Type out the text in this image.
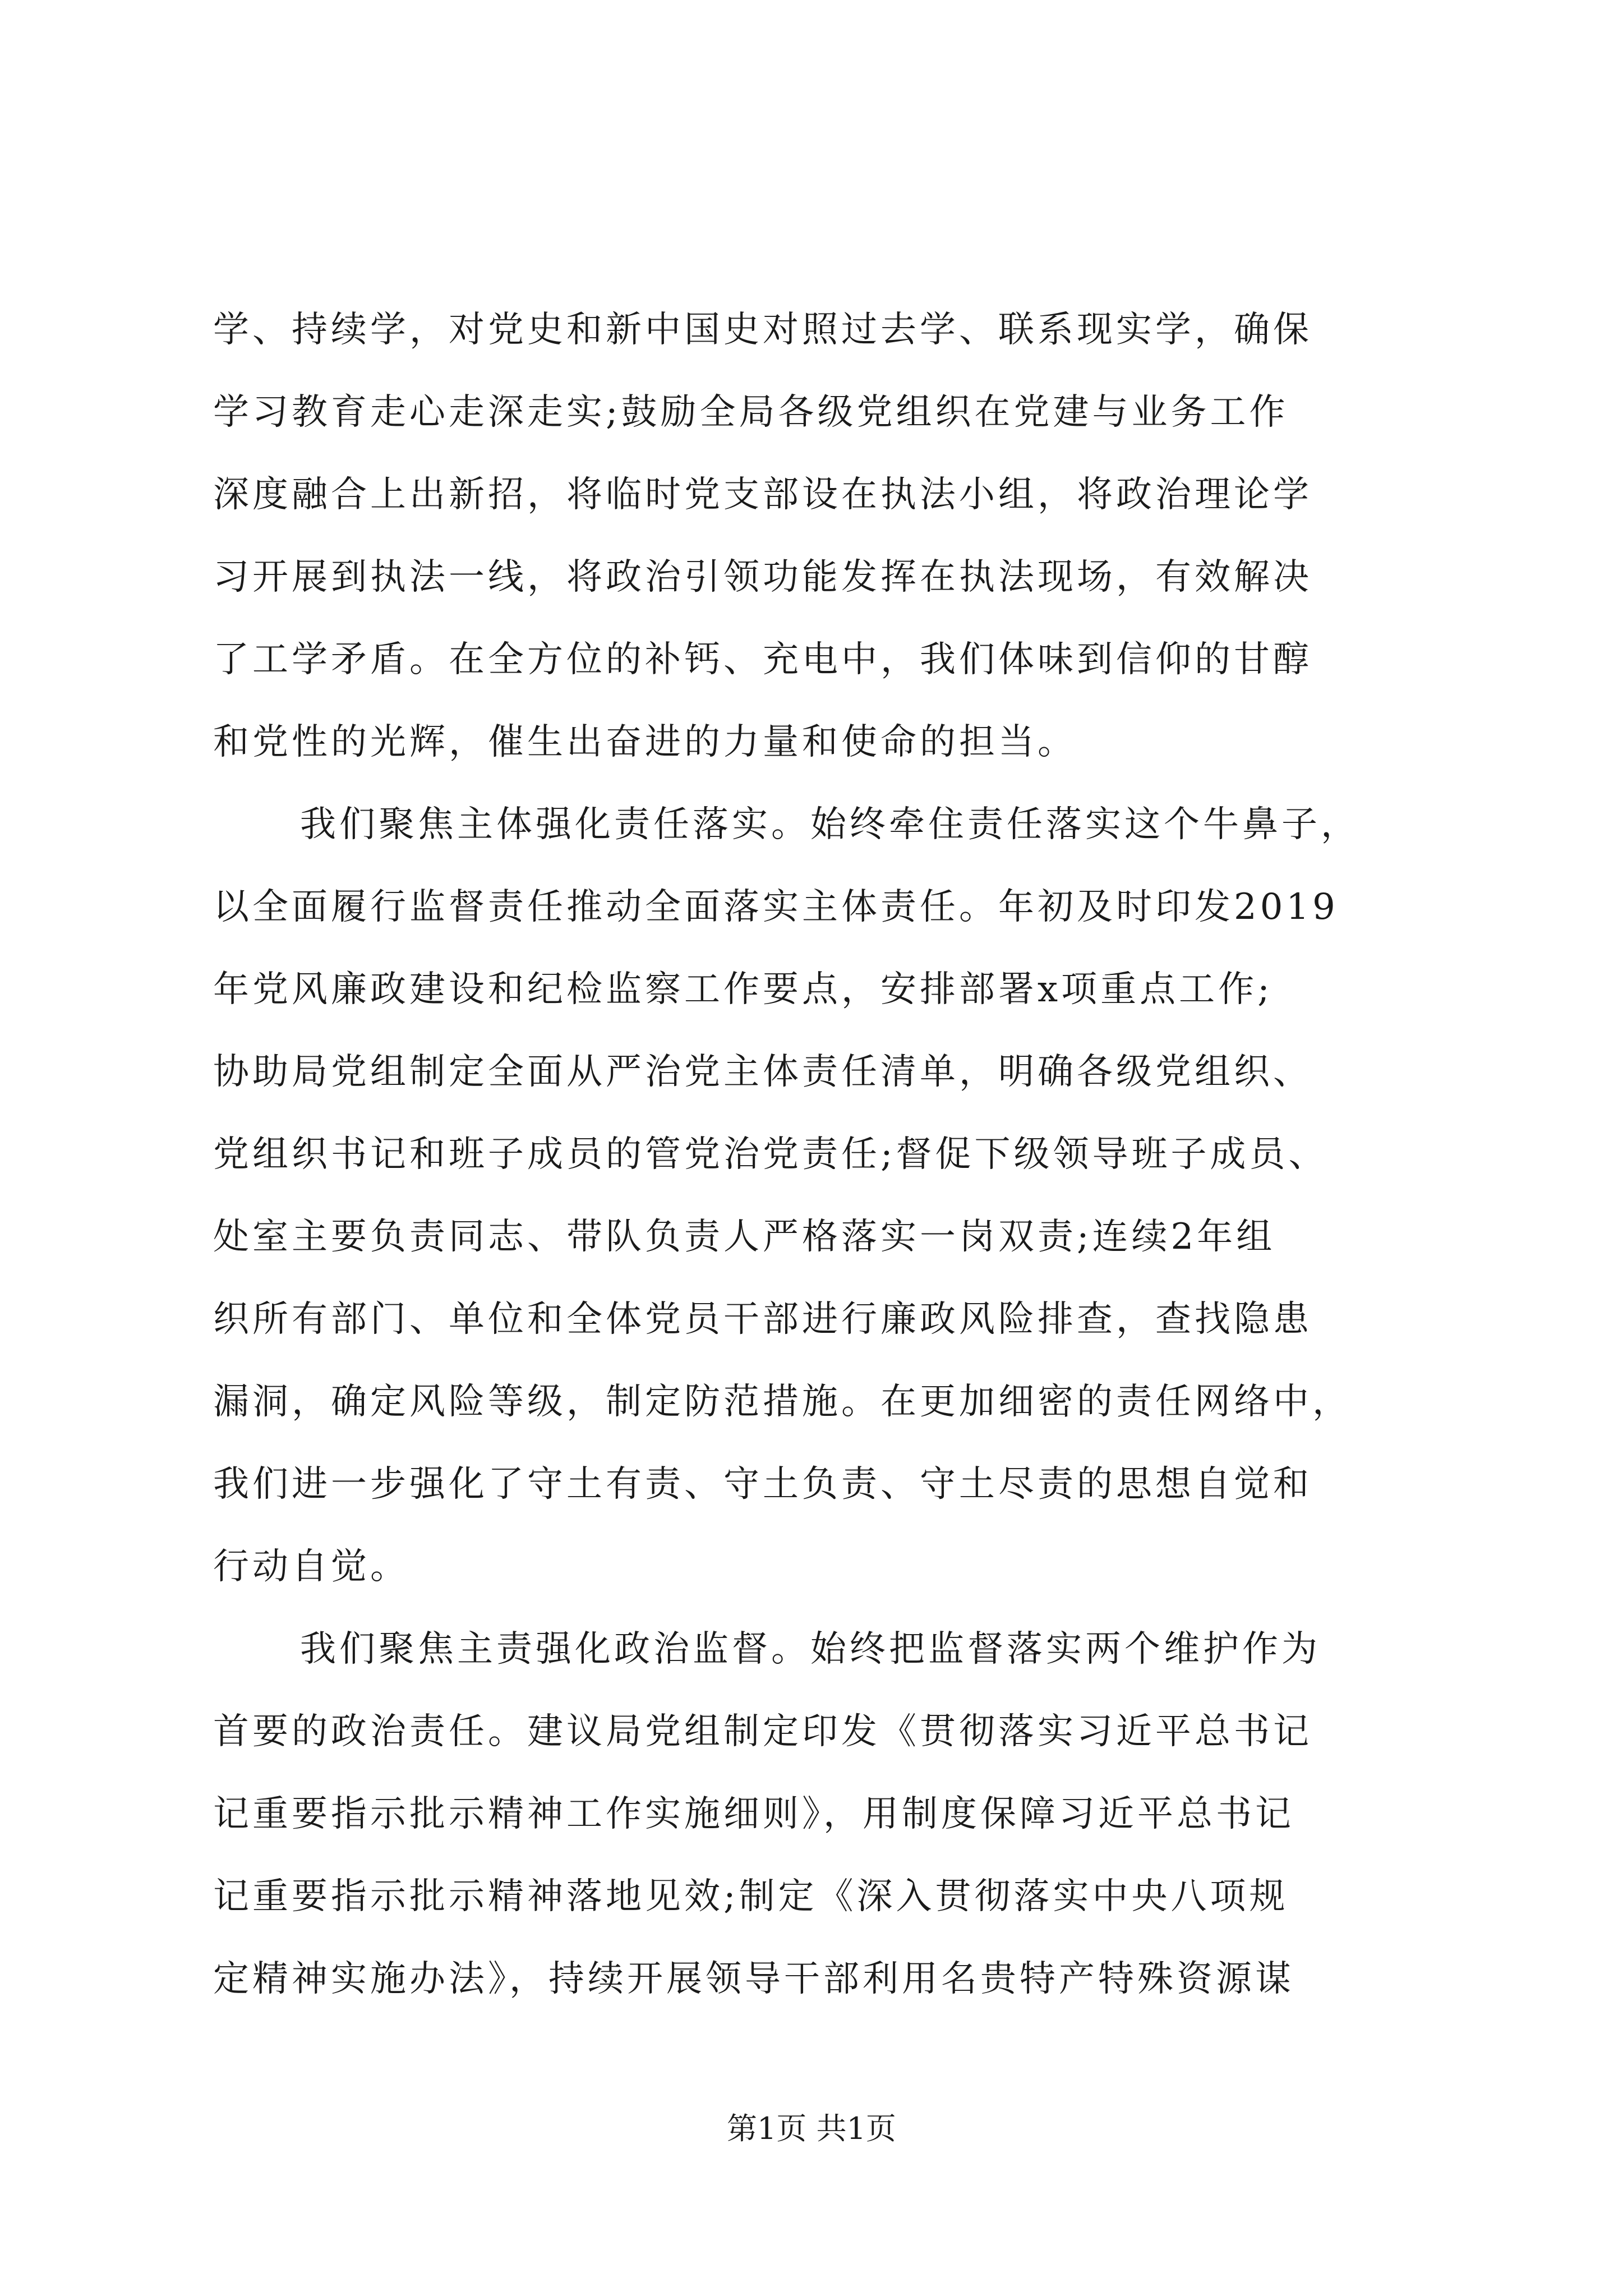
学、持续学，对党史和新中国史对照过去学、联系现实学，确保
学习教育走心走深走实;鼓励全局各级党组织在党建与业务工作
深度融合上出新招，将临时党支部设在执法小组，将政治理论学
习开展到执法一线，将政治引领功能发挥在执法现场，有效解决
了工学矛盾。在全方位的补钙、充电中，我们体味到信仰的甘醇
和党性的光辉，催生出奋进的力量和使命的担当。
我们聚焦主体强化责任落实。始终牵住责任落实这个牛鼻子，
以全面履行监督责任推动全面落实主体责任。年初及时印发2019
年党风廉政建设和纪检监察工作要点，安排部署x项重点工作;
协助局党组制定全面从严治党主体责任清单，明确各级党组织、
党组织书记和班子成员的管党治党责任;督促下级领导班子成员、
处室主要负责同志、带队负责人严格落实一岗双责;连续2年组
织所有部门、单位和全体党员干部进行廉政风险排查，查找隐患
漏洞，确定风险等级，制定防范措施。在更加细密的责任网络中，
我们进一步强化了守土有责、守土负责、守土尽责的思想自觉和
行动自觉。
我们聚焦主责强化政治监督。始终把监督落实两个维护作为
首要的政治责任。建议局党组制定印发《贯彻落实习近平总书记
记重要指示批示精神工作实施细则》，用制度保障习近平总书记
记重要指示批示精神落地见效;制定《深入贯彻落实中央八项规
定精神实施办法》，持续开展领导干部利用名贵特产特殊资源谋
第1页 共1页
